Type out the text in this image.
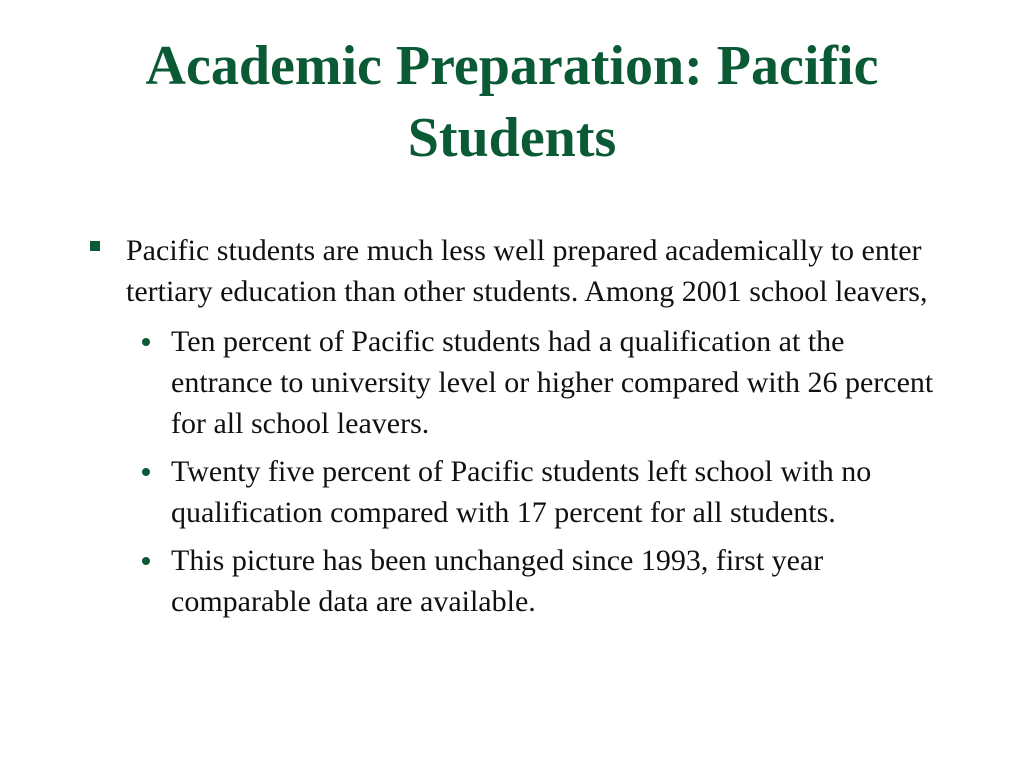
Academic Preparation: Pacific
Students
Pacific students are much less well prepared academically to enter tertiary education than other students. Among 2001 school leavers,
Ten percent of Pacific students had a qualification at the entrance to university level or higher compared with 26 percent for all school leavers.
Twenty five percent of Pacific students left school with no qualification compared with 17 percent for all students.
This picture has been unchanged since 1993, first year comparable data are available.
